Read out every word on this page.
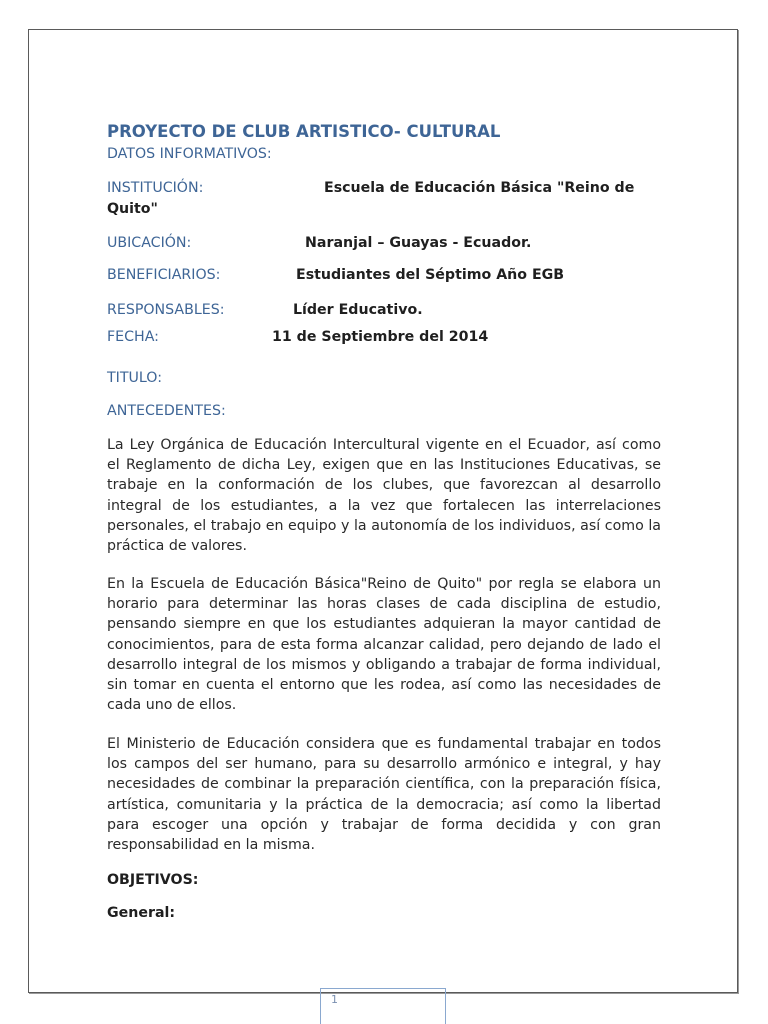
PROYECTO DE CLUB ARTISTICO- CULTURAL
DATOS INFORMATIVOS:
INSTITUCIÓN:	Escuela de Educación Básica "Reino de
Quito"
UBICACIÓN:	Naranjal – Guayas - Ecuador.
BENEFICIARIOS:	Estudiantes del Séptimo Año EGB
RESPONSABLES:	Líder Educativo.
FECHA:	11 de Septiembre del 2014
TITULO:
ANTECEDENTES:

La Ley Orgánica de Educación Intercultural vigente en el Ecuador, así como el Reglamento de dicha Ley, exigen que en las Instituciones Educativas, se trabaje en la conformación de los clubes, que favorezcan al desarrollo integral de los estudiantes, a la vez que fortalecen las interrelaciones personales, el trabajo en equipo y la autonomía de los individuos, así como la práctica de valores.

En la Escuela de Educación Básica"Reino de Quito" por regla se elabora un horario para determinar las horas clases de cada disciplina de estudio, pensando siempre en que los estudiantes adquieran la mayor cantidad de conocimientos, para de esta forma alcanzar calidad, pero dejando de lado el desarrollo integral de los mismos y obligando a trabajar de forma individual, sin tomar en cuenta el entorno que les rodea, así como las necesidades de cada uno de ellos.

El Ministerio de Educación considera que es fundamental trabajar en todos los campos del ser humano, para su desarrollo armónico e integral, y hay necesidades de combinar la preparación científica, con la preparación física, artística, comunitaria y la práctica de la democracia; así como la libertad para escoger una opción y trabajar de forma decidida y con gran responsabilidad en la misma.

OBJETIVOS:
General:
1
